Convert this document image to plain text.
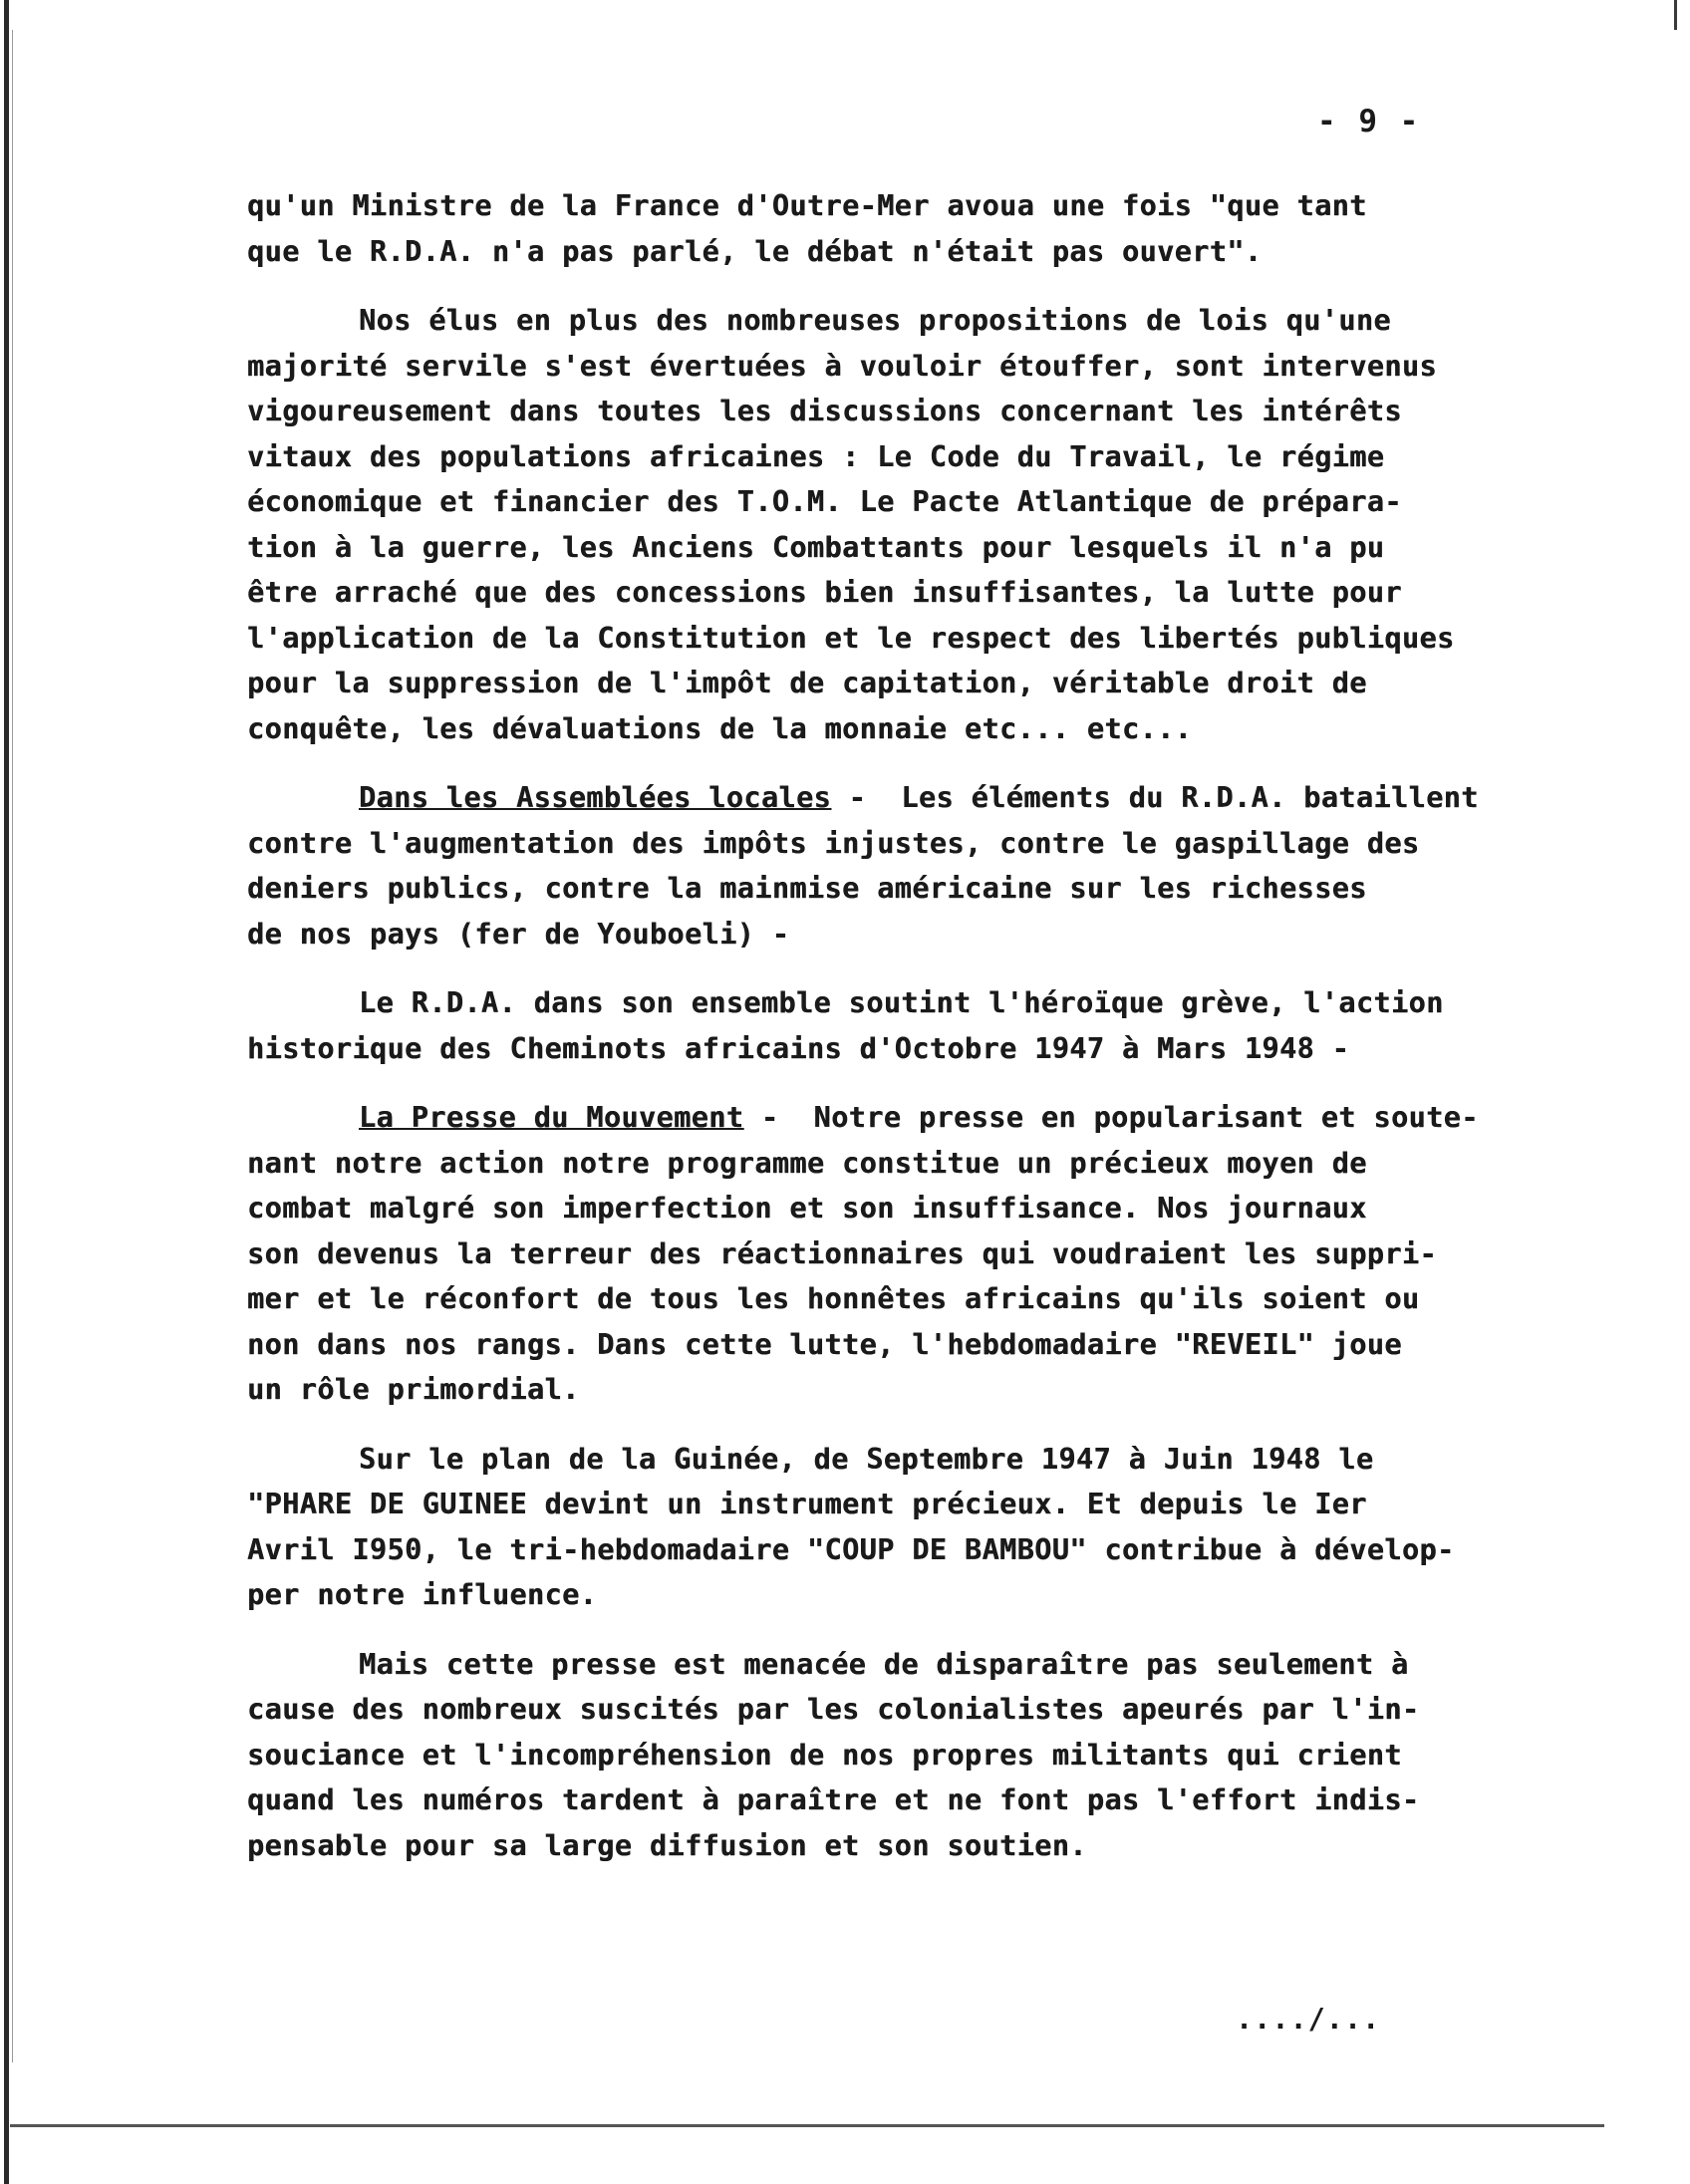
- 9 -
qu'un Ministre de la France d'Outre-Mer avoua une fois "que tant
que le R.D.A. n'a pas parlé, le débat n'était pas ouvert".
Nos élus en plus des nombreuses propositions de lois qu'une
majorité servile s'est évertuées à vouloir étouffer, sont intervenus
vigoureusement dans toutes les discussions concernant les intérêts
vitaux des populations africaines : Le Code du Travail, le régime
économique et financier des T.O.M. Le Pacte Atlantique de prépara-
tion à la guerre, les Anciens Combattants pour lesquels il n'a pu
être arraché que des concessions bien insuffisantes, la lutte pour
l'application de la Constitution et le respect des libertés publiques
pour la suppression de l'impôt de capitation, véritable droit de
conquête, les dévaluations de la monnaie etc... etc...
Dans les Assemblées locales -  Les éléments du R.D.A. bataillent
contre l'augmentation des impôts injustes, contre le gaspillage des
deniers publics, contre la mainmise américaine sur les richesses
de nos pays (fer de Youboeli) -
Le R.D.A. dans son ensemble soutint l'héroïque grève, l'action
historique des Cheminots africains d'Octobre 1947 à Mars 1948 -
La Presse du Mouvement -  Notre presse en popularisant et soute-
nant notre action notre programme constitue un précieux moyen de
combat malgré son imperfection et son insuffisance. Nos journaux
son devenus la terreur des réactionnaires qui voudraient les suppri-
mer et le réconfort de tous les honnêtes africains qu'ils soient ou
non dans nos rangs. Dans cette lutte, l'hebdomadaire "REVEIL" joue
un rôle primordial.
Sur le plan de la Guinée, de Septembre 1947 à Juin 1948 le
"PHARE DE GUINEE devint un instrument précieux. Et depuis le Ier
Avril I950, le tri-hebdomadaire "COUP DE BAMBOU" contribue à dévelop-
per notre influence.
Mais cette presse est menacée de disparaître pas seulement à
cause des nombreux suscités par les colonialistes apeurés par l'in-
souciance et l'incompréhension de nos propres militants qui crient
quand les numéros tardent à paraître et ne font pas l'effort indis-
pensable pour sa large diffusion et son soutien.
..../...
